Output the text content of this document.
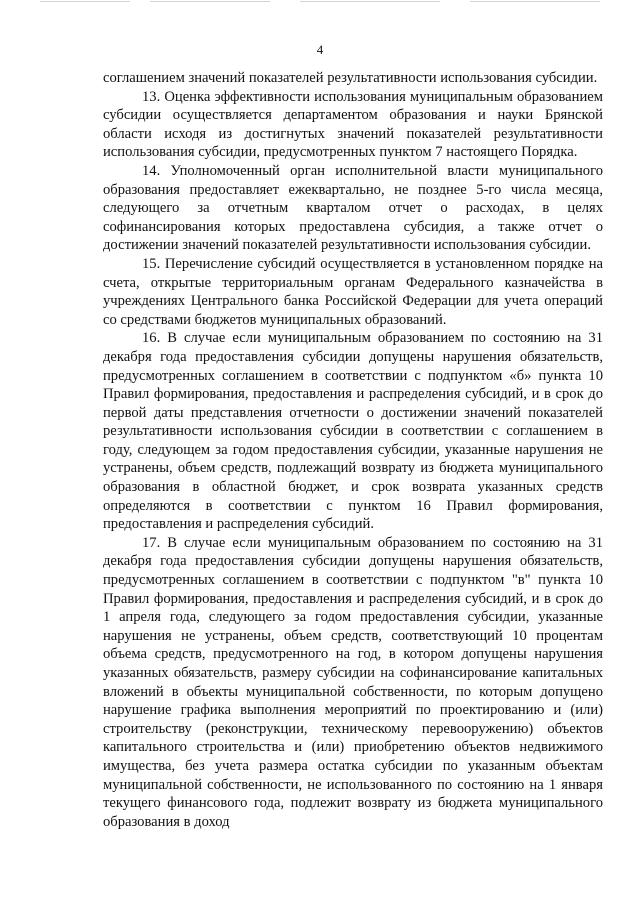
4

соглашением значений показателей результативности использования субсидии.

13. Оценка эффективности использования муниципальным образованием субсидии осуществляется департаментом образования и науки Брянской области исходя из достигнутых значений показателей результативности использования субсидии, предусмотренных пунктом 7 настоящего Порядка.

14. Уполномоченный орган исполнительной власти муниципального образования предоставляет ежеквартально, не позднее 5-го числа месяца, следующего за отчетным кварталом отчет о расходах, в целях софинансирования которых предоставлена субсидия, а также отчет о достижении значений показателей результативности использования субсидии.

15. Перечисление субсидий осуществляется в установленном порядке на счета, открытые территориальным органам Федерального казначейства в учреждениях Центрального банка Российской Федерации для учета операций со средствами бюджетов муниципальных образований.

16. В случае если муниципальным образованием по состоянию на 31 декабря года предоставления субсидии допущены нарушения обязательств, предусмотренных соглашением в соответствии с подпунктом «б» пункта 10 Правил формирования, предоставления и распределения субсидий, и в срок до первой даты представления отчетности о достижении значений показателей результативности использования субсидии в соответствии с соглашением в году, следующем за годом предоставления субсидии, указанные нарушения не устранены, объем средств, подлежащий возврату из бюджета муниципального образования в областной бюджет, и срок возврата указанных средств определяются в соответствии с пунктом 16 Правил формирования, предоставления и распределения субсидий.

17. В случае если муниципальным образованием по состоянию на 31 декабря года предоставления субсидии допущены нарушения обязательств, предусмотренных соглашением в соответствии с подпунктом "в" пункта 10 Правил формирования, предоставления и распределения субсидий, и в срок до 1 апреля года, следующего за годом предоставления субсидии, указанные нарушения не устранены, объем средств, соответствующий 10 процентам объема средств, предусмотренного на год, в котором допущены нарушения указанных обязательств, размеру субсидии на софинансирование капитальных вложений в объекты муниципальной собственности, по которым допущено нарушение графика выполнения мероприятий по проектированию и (или) строительству (реконструкции, техническому перевооружению) объектов капитального строительства и (или) приобретению объектов недвижимого имущества, без учета размера остатка субсидии по указанным объектам муниципальной собственности, не использованного по состоянию на 1 января текущего финансового года, подлежит возврату из бюджета муниципального образования в доход
